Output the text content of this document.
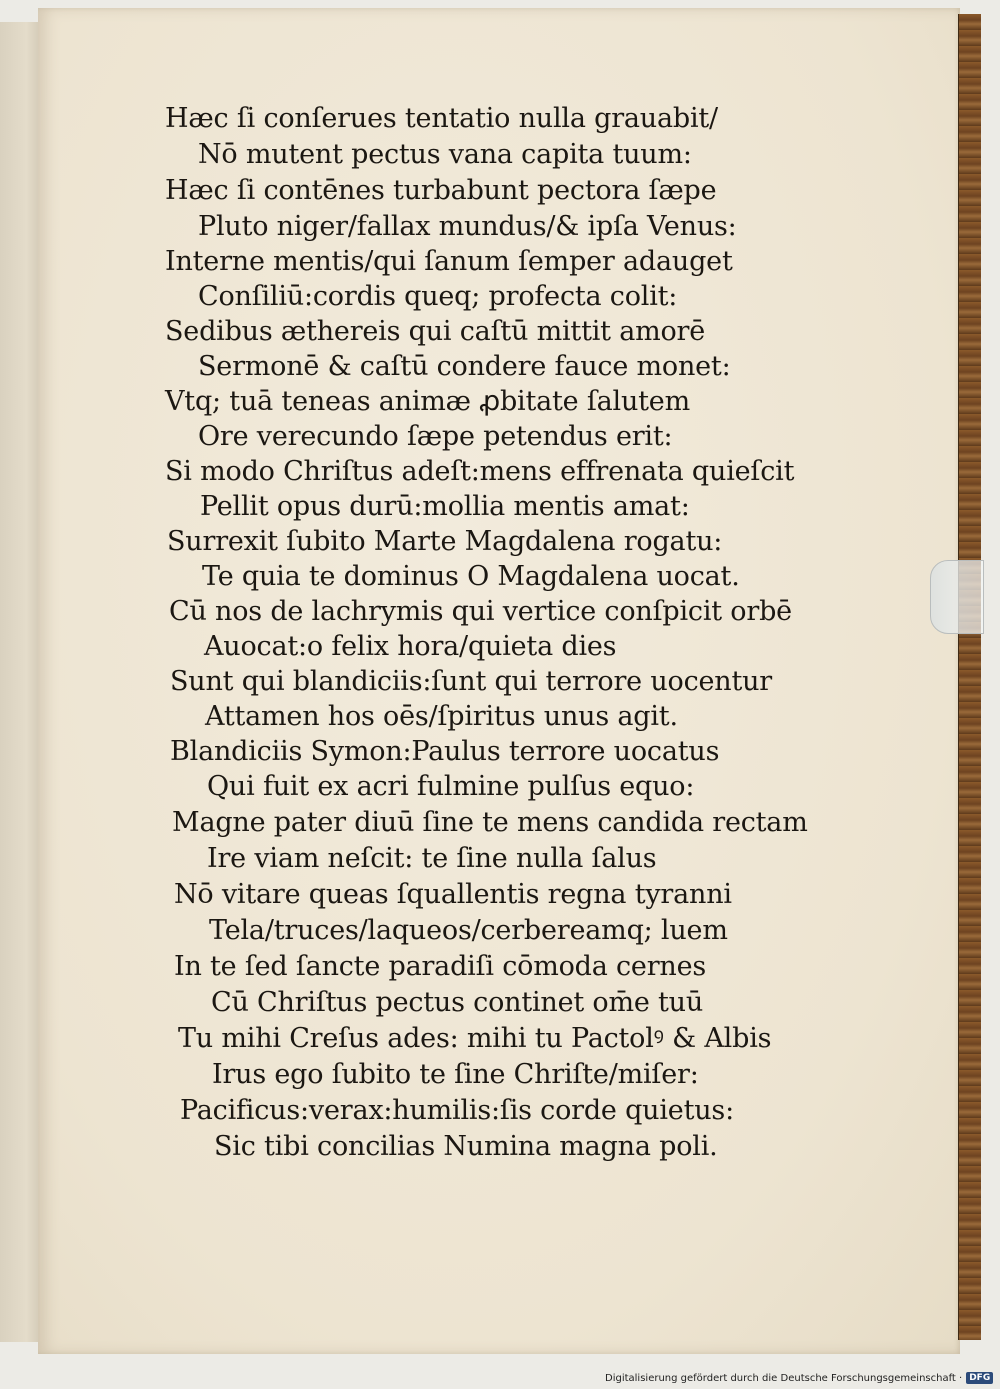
Hæc ſi conſerues tentatio nulla grauabit/
Nō mutent pectus vana capita tuum:
Hæc ſi contēnes turbabunt pectora ſæpe
Pluto niger/fallax mundus/& ipſa Venus:
Interne mentis/qui ſanum ſemper adauget
Conſiliū:cordis queq; profecta colit:
Sedibus æthereis qui caſtū mittit amorē
Sermonē & caſtū condere fauce monet:
Vtq; tuā teneas animæ ꝓbitate ſalutem
Ore verecundo ſæpe petendus erit:
Si modo Chriſtus adeſt:mens effrenata quieſcit
Pellit opus durū:mollia mentis amat:
Surrexit ſubito Marte Magdalena rogatu:
Te quia te dominus O Magdalena uocat.
Cū nos de lachrymis qui vertice conſpicit orbē
Auocat:o felix hora/quieta dies
Sunt qui blandiciis:ſunt qui terrore uocentur
Attamen hos oēs/ſpiritus unus agit.
Blandiciis Symon:Paulus terrore uocatus
Qui fuit ex acri fulmine pulſus equo:
Magne pater diuū ſine te mens candida rectam
Ire viam neſcit: te ſine nulla ſalus
Nō vitare queas ſquallentis regna tyranni
Tela/truces/laqueos/cerbereamq; luem
In te ſed ſancte paradiſi cōmoda cernes
Cū Chriſtus pectus continet om̄e tuū
Tu mihi Creſus ades: mihi tu Pactolꝰ & Albis
Irus ego ſubito te ſine Chriſte/miſer:
Pacificus:verax:humilis:ſis corde quietus:
Sic tibi concilias Numina magna poli.
Digitalisierung gefördert durch die Deutsche Forschungsgemeinschaft · DFG
